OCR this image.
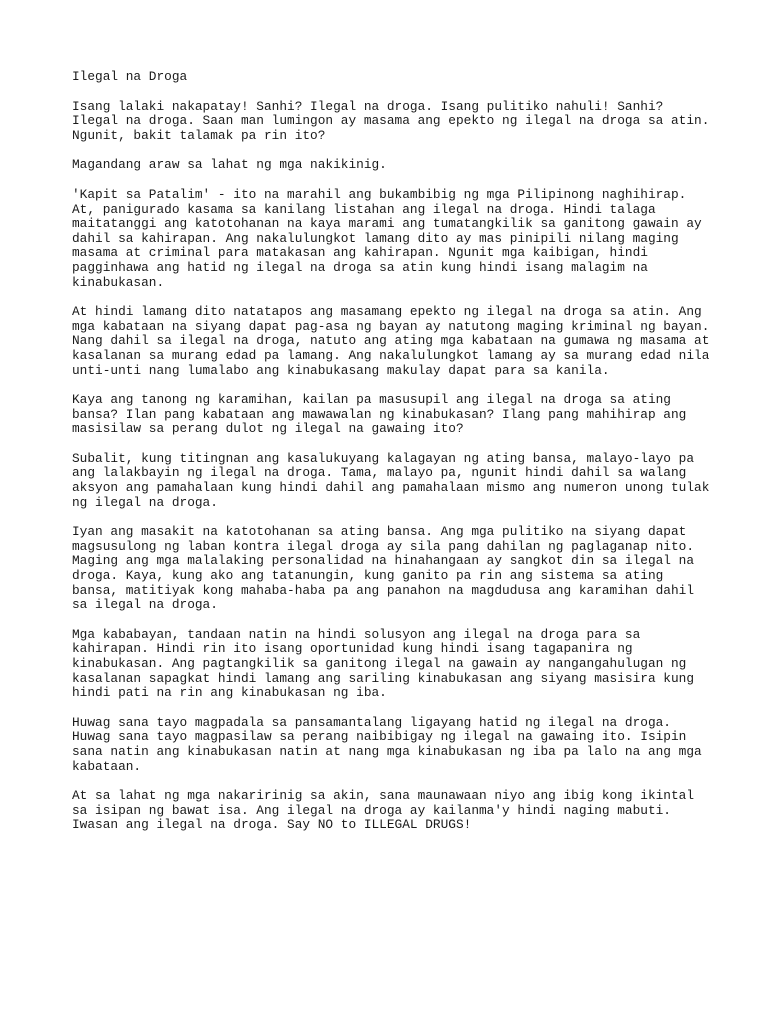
Ilegal na Droga
Isang lalaki nakapatay! Sanhi? Ilegal na droga. Isang pulitiko nahuli! Sanhi?
Ilegal na droga. Saan man lumingon ay masama ang epekto ng ilegal na droga sa atin.
Ngunit, bakit talamak pa rin ito?
Magandang araw sa lahat ng mga nakikinig.
'Kapit sa Patalim' - ito na marahil ang bukambibig ng mga Pilipinong naghihirap.
At, panigurado kasama sa kanilang listahan ang ilegal na droga. Hindi talaga
maitatanggi ang katotohanan na kaya marami ang tumatangkilik sa ganitong gawain ay
dahil sa kahirapan. Ang nakalulungkot lamang dito ay mas pinipili nilang maging
masama at criminal para matakasan ang kahirapan. Ngunit mga kaibigan, hindi
pagginhawa ang hatid ng ilegal na droga sa atin kung hindi isang malagim na
kinabukasan.
At hindi lamang dito natatapos ang masamang epekto ng ilegal na droga sa atin. Ang
mga kabataan na siyang dapat pag-asa ng bayan ay natutong maging kriminal ng bayan.
Nang dahil sa ilegal na droga, natuto ang ating mga kabataan na gumawa ng masama at
kasalanan sa murang edad pa lamang. Ang nakalulungkot lamang ay sa murang edad nila
unti-unti nang lumalabo ang kinabukasang makulay dapat para sa kanila.
Kaya ang tanong ng karamihan, kailan pa masusupil ang ilegal na droga sa ating
bansa? Ilan pang kabataan ang mawawalan ng kinabukasan? Ilang pang mahihirap ang
masisilaw sa perang dulot ng ilegal na gawaing ito?
Subalit, kung titingnan ang kasalukuyang kalagayan ng ating bansa, malayo-layo pa
ang lalakbayin ng ilegal na droga. Tama, malayo pa, ngunit hindi dahil sa walang
aksyon ang pamahalaan kung hindi dahil ang pamahalaan mismo ang numeron unong tulak
ng ilegal na droga.
Iyan ang masakit na katotohanan sa ating bansa. Ang mga pulitiko na siyang dapat
magsusulong ng laban kontra ilegal droga ay sila pang dahilan ng paglaganap nito.
Maging ang mga malalaking personalidad na hinahangaan ay sangkot din sa ilegal na
droga. Kaya, kung ako ang tatanungin, kung ganito pa rin ang sistema sa ating
bansa, matitiyak kong mahaba-haba pa ang panahon na magdudusa ang karamihan dahil
sa ilegal na droga.
Mga kababayan, tandaan natin na hindi solusyon ang ilegal na droga para sa
kahirapan. Hindi rin ito isang oportunidad kung hindi isang tagapanira ng
kinabukasan. Ang pagtangkilik sa ganitong ilegal na gawain ay nangangahulugan ng
kasalanan sapagkat hindi lamang ang sariling kinabukasan ang siyang masisira kung
hindi pati na rin ang kinabukasan ng iba.
Huwag sana tayo magpadala sa pansamantalang ligayang hatid ng ilegal na droga.
Huwag sana tayo magpasilaw sa perang naibibigay ng ilegal na gawaing ito. Isipin
sana natin ang kinabukasan natin at nang mga kinabukasan ng iba pa lalo na ang mga
kabataan.
At sa lahat ng mga nakaririnig sa akin, sana maunawaan niyo ang ibig kong ikintal
sa isipan ng bawat isa. Ang ilegal na droga ay kailanma'y hindi naging mabuti.
Iwasan ang ilegal na droga. Say NO to ILLEGAL DRUGS!
